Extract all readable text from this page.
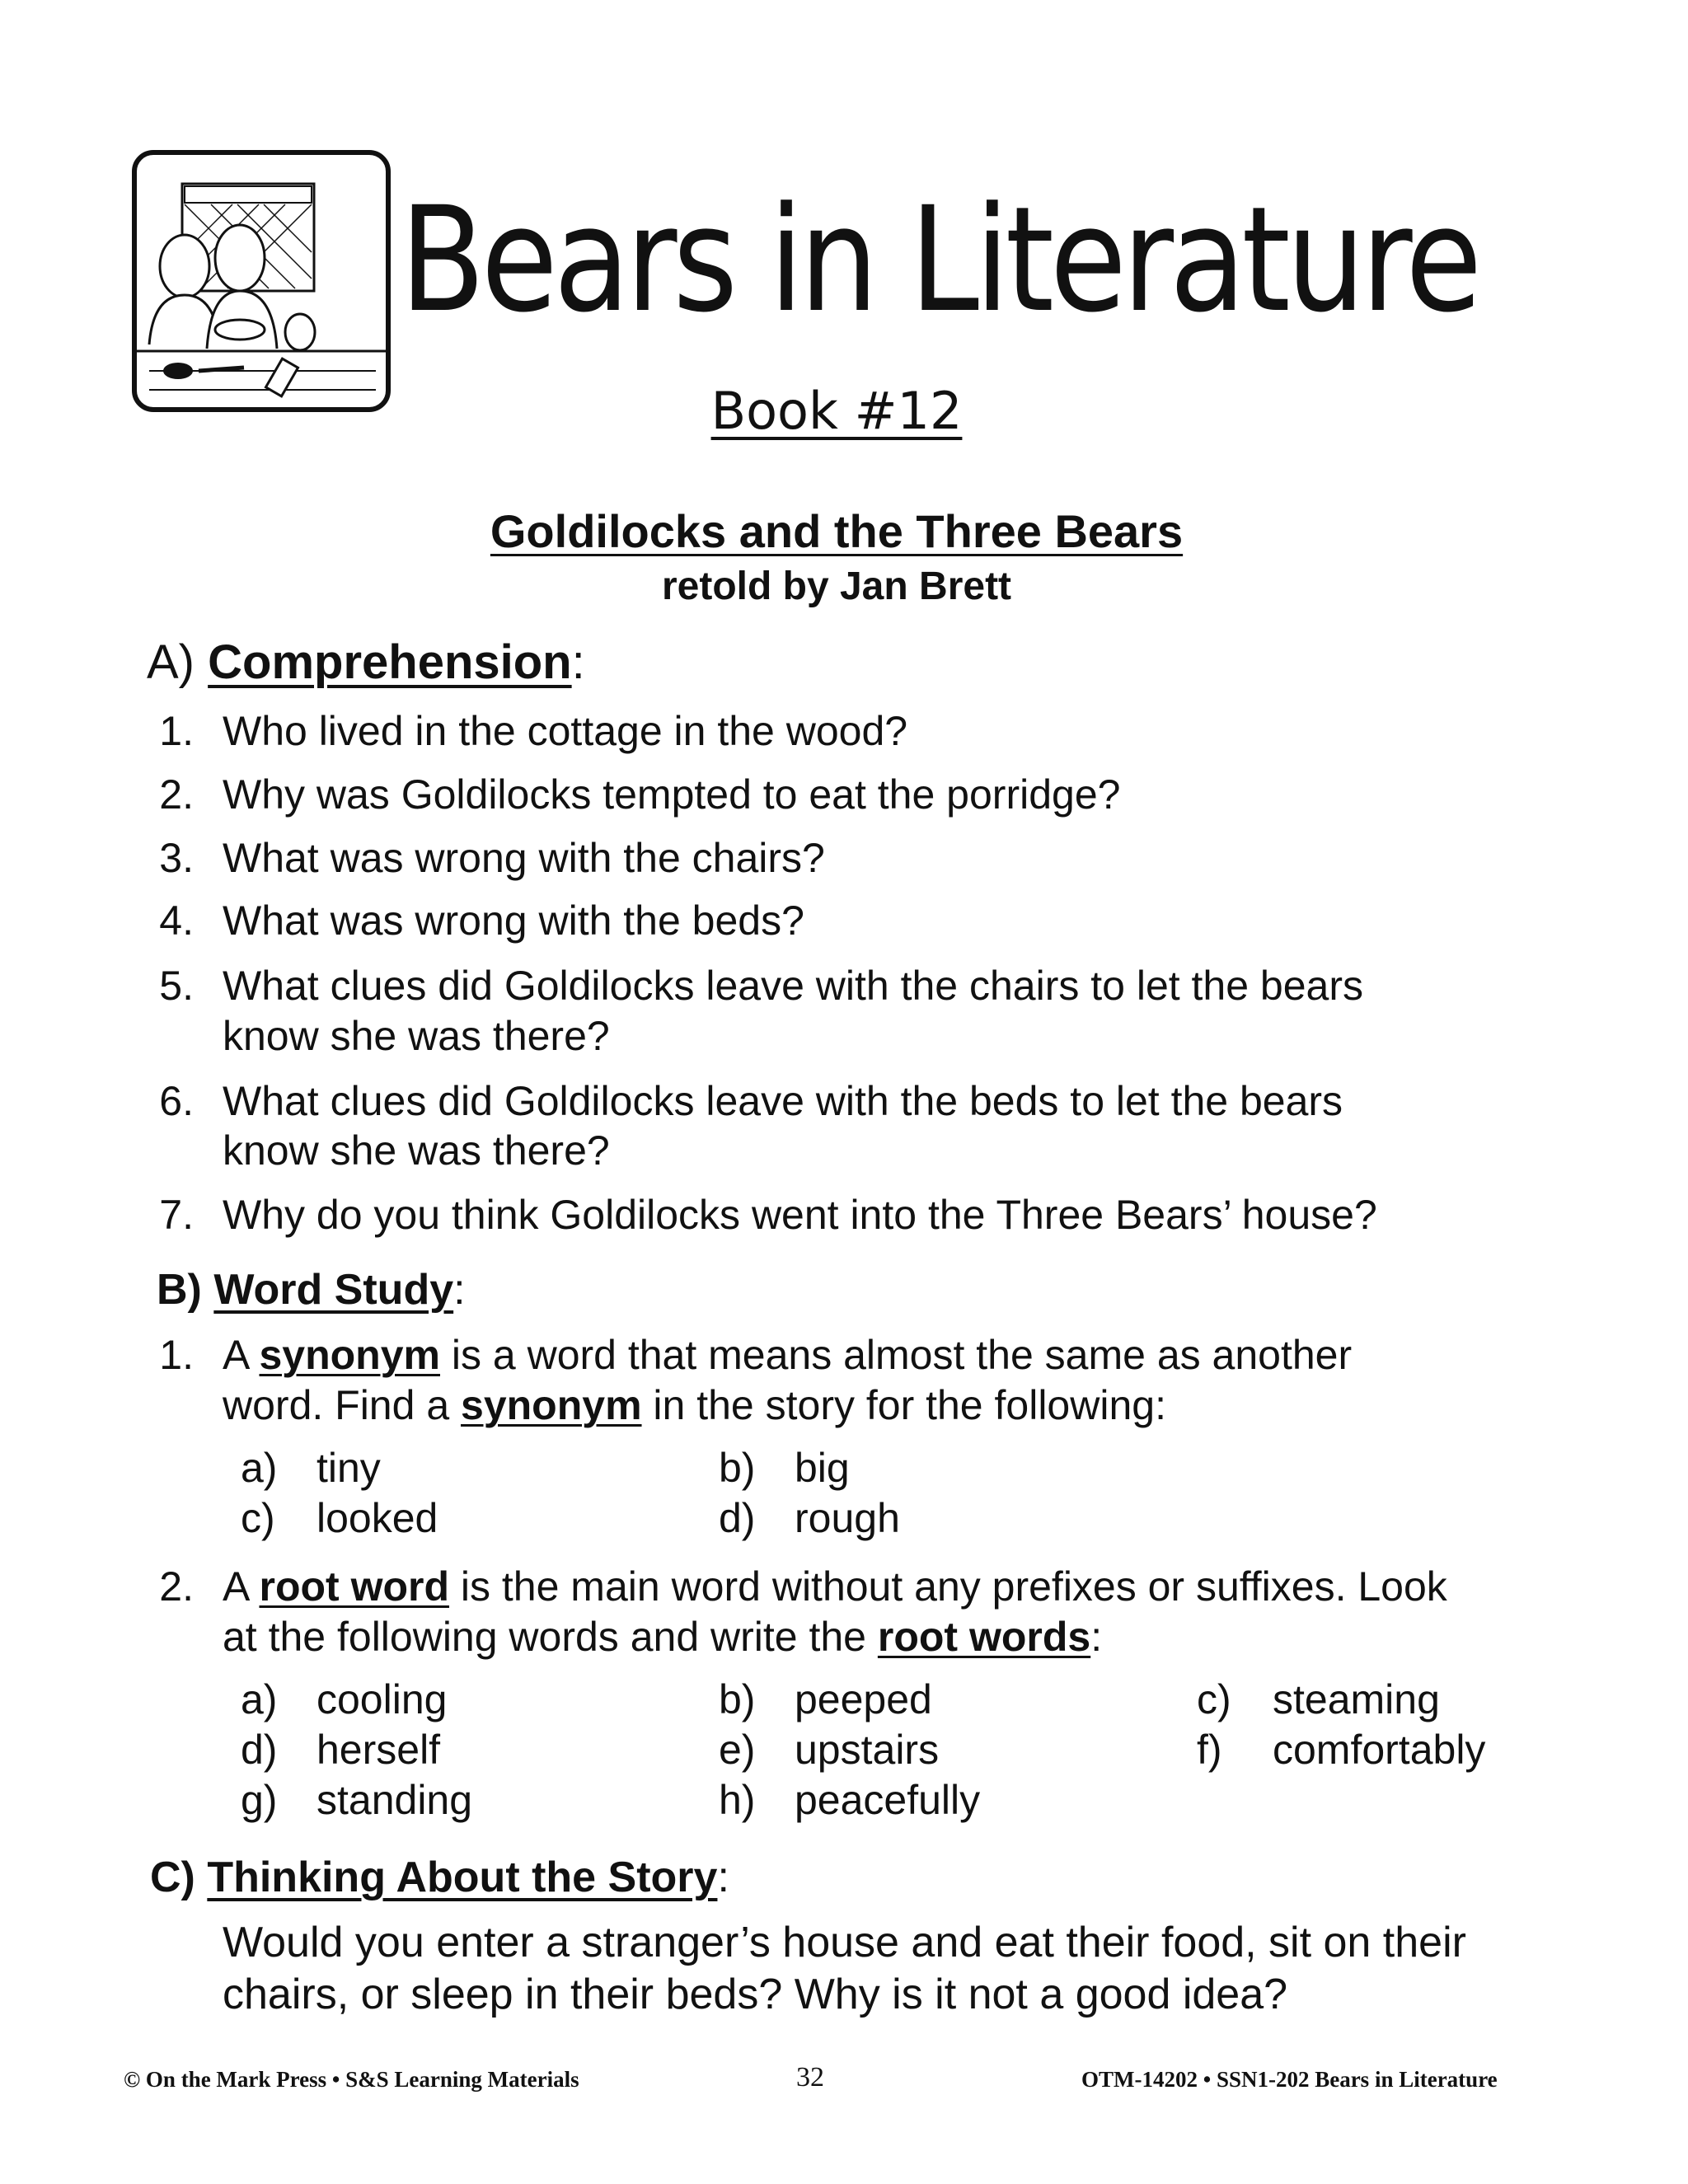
Bears in Literature
Book #12
Goldilocks and the Three Bears
retold by Jan Brett
A) Comprehension:
1. Who lived in the cottage in the wood?
2. Why was Goldilocks tempted to eat the porridge?
3. What was wrong with the chairs?
4. What was wrong with the beds?
5. What clues did Goldilocks leave with the chairs to let the bears
know she was there?
6. What clues did Goldilocks leave with the beds to let the bears
know she was there?
7. Why do you think Goldilocks went into the Three Bears’ house?
B) Word Study:
1. A synonym is a word that means almost the same as another
word. Find a synonym in the story for the following:
a) tiny	b) big
c) looked	d) rough
2. A root word is the main word without any prefixes or suffixes. Look
at the following words and write the root words:
a) cooling	b) peeped	c) steaming
d) herself	e) upstairs	f) comfortably
g) standing	h) peacefully
C) Thinking About the Story:
Would you enter a stranger’s house and eat their food, sit on their
chairs, or sleep in their beds? Why is it not a good idea?
© On the Mark Press • S&S Learning Materials	32	OTM-14202 • SSN1-202 Bears in Literature
